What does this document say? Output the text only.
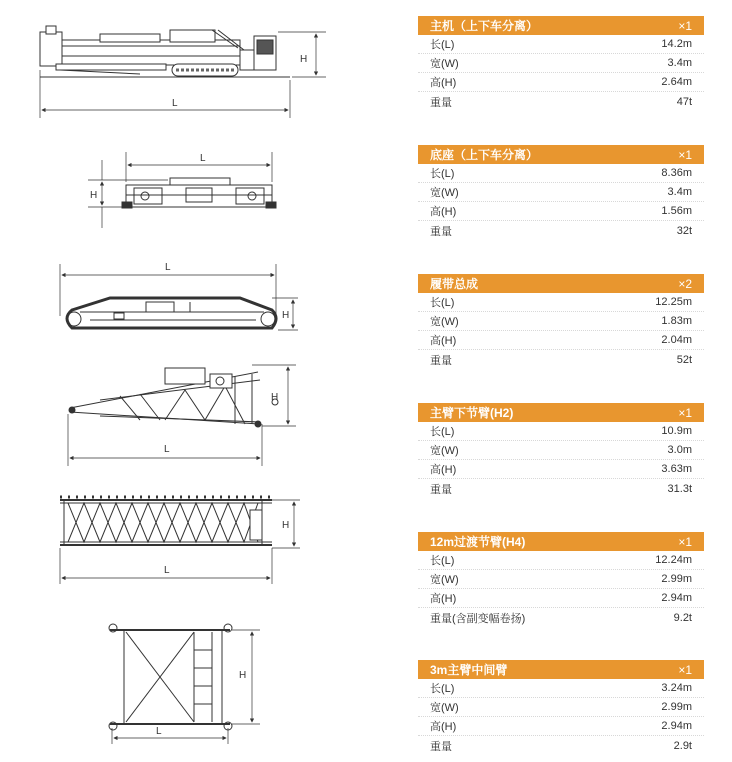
L
H
L
H
L
H
L
H
L
H
L
H
主机（上下车分离）	×1
长(L)	14.2m
宽(W)	3.4m
高(H)	2.64m
重量	47t
底座（上下车分离）	×1
长(L)	8.36m
宽(W)	3.4m
高(H)	1.56m
重量	32t
履带总成	×2
长(L)	12.25m
宽(W)	1.83m
高(H)	2.04m
重量	52t
主臂下节臂(H2)	×1
长(L)	10.9m
宽(W)	3.0m
高(H)	3.63m
重量	31.3t
12m过渡节臂(H4)	×1
长(L)	12.24m
宽(W)	2.99m
高(H)	2.94m
重量(含副变幅卷扬)	9.2t
3m主臂中间臂	×1
长(L)	3.24m
宽(W)	2.99m
高(H)	2.94m
重量	2.9t
